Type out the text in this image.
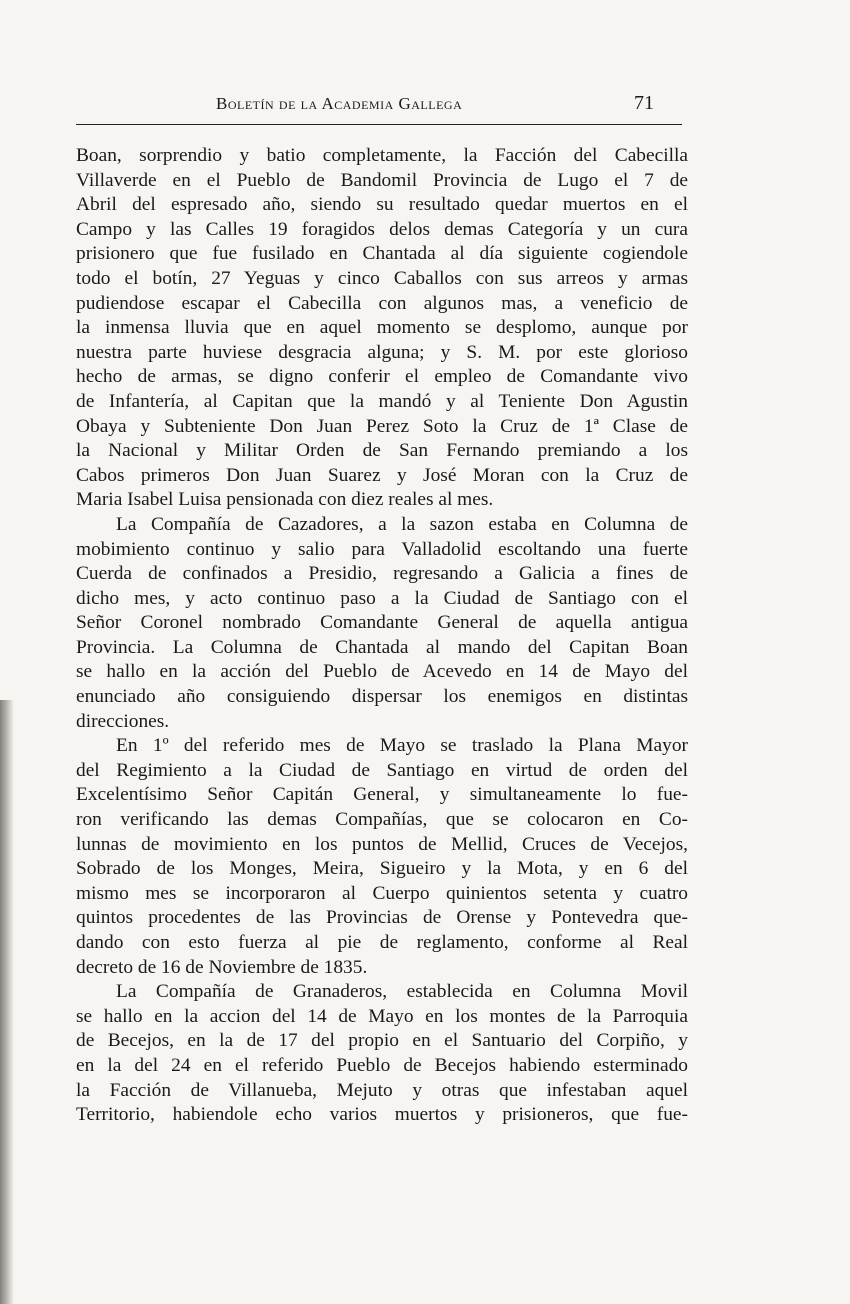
Boletín de la Academia Gallega	71
Boan, sorprendio y batio completamente, la Facción del Cabecilla
Villaverde en el Pueblo de Bandomil Provincia de Lugo el 7 de
Abril del espresado año, siendo su resultado quedar muertos en el
Campo y las Calles 19 foragidos delos demas Categoría y un cura
prisionero que fue fusilado en Chantada al día siguiente cogiendole
todo el botín, 27 Yeguas y cinco Caballos con sus arreos y armas
pudiendose escapar el Cabecilla con algunos mas, a veneficio de
la inmensa lluvia que en aquel momento se desplomo, aunque por
nuestra parte huviese desgracia alguna; y S. M. por este glorioso
hecho de armas, se digno conferir el empleo de Comandante vivo
de Infantería, al Capitan que la mandó y al Teniente Don Agustin
Obaya y Subteniente Don Juan Perez Soto la Cruz de 1ª Clase de
la Nacional y Militar Orden de San Fernando premiando a los
Cabos primeros Don Juan Suarez y José Moran con la Cruz de
Maria Isabel Luisa pensionada con diez reales al mes.
La Compañía de Cazadores, a la sazon estaba en Columna de
mobimiento continuo y salio para Valladolid escoltando una fuerte
Cuerda de confinados a Presidio, regresando a Galicia a fines de
dicho mes, y acto continuo paso a la Ciudad de Santiago con el
Señor Coronel nombrado Comandante General de aquella antigua
Provincia. La Columna de Chantada al mando del Capitan Boan
se hallo en la acción del Pueblo de Acevedo en 14 de Mayo del
enunciado año consiguiendo dispersar los enemigos en distintas
direcciones.
En 1º del referido mes de Mayo se traslado la Plana Mayor
del Regimiento a la Ciudad de Santiago en virtud de orden del
Excelentísimo Señor Capitán General, y simultaneamente lo fue-
ron verificando las demas Compañías, que se colocaron en Co-
lunnas de movimiento en los puntos de Mellid, Cruces de Vecejos,
Sobrado de los Monges, Meira, Sigueiro y la Mota, y en 6 del
mismo mes se incorporaron al Cuerpo quinientos setenta y cuatro
quintos procedentes de las Provincias de Orense y Pontevedra que-
dando con esto fuerza al pie de reglamento, conforme al Real
decreto de 16 de Noviembre de 1835.
La Compañía de Granaderos, establecida en Columna Movil
se hallo en la accion del 14 de Mayo en los montes de la Parroquia
de Becejos, en la de 17 del propio en el Santuario del Corpiño, y
en la del 24 en el referido Pueblo de Becejos habiendo esterminado
la Facción de Villanueba, Mejuto y otras que infestaban aquel
Territorio, habiendole echo varios muertos y prisioneros, que fue-
